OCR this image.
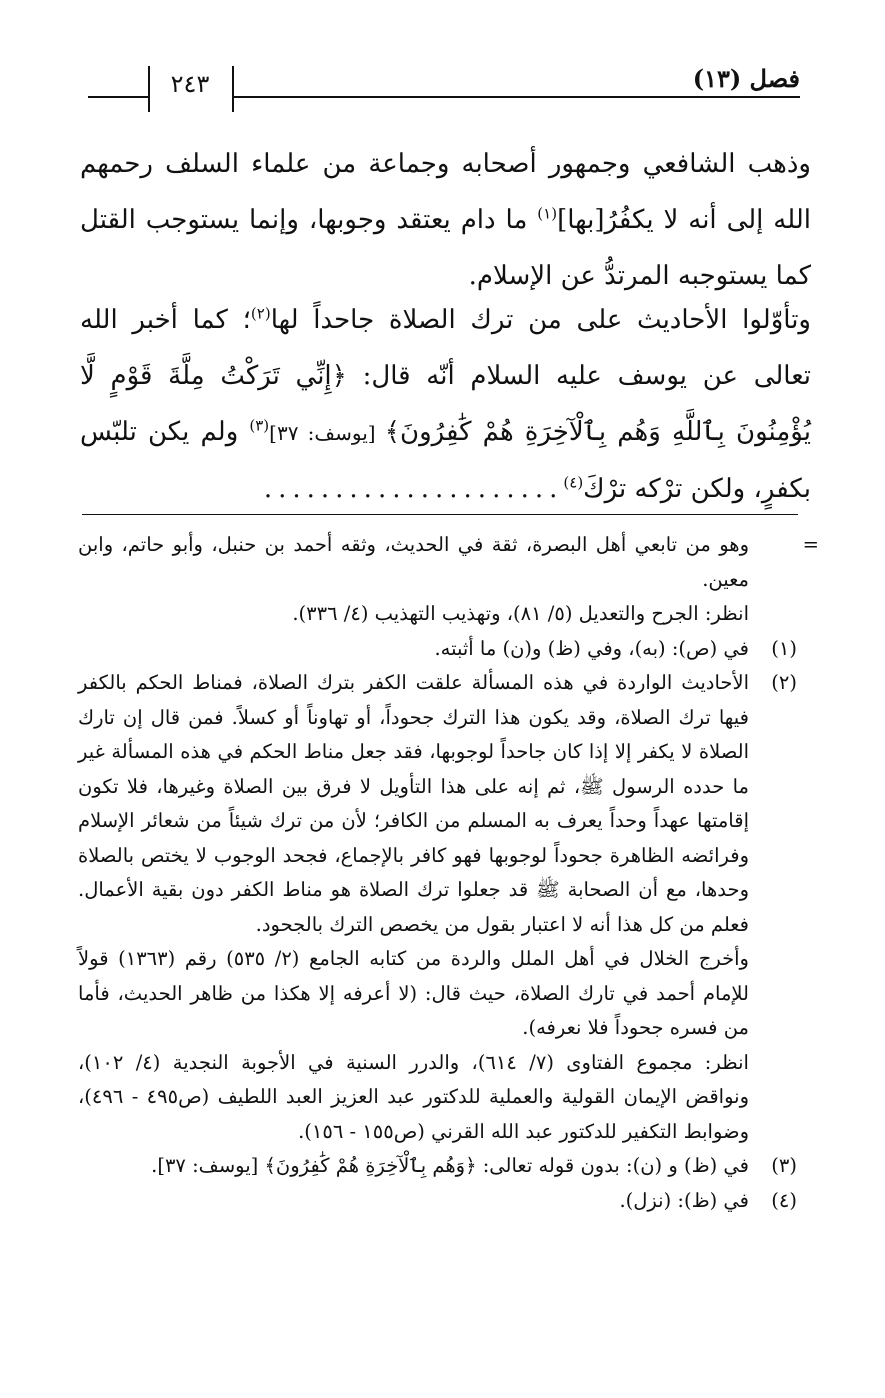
فصل (١٣)
٢٤٣

وذهب الشافعي وجمهور أصحابه وجماعة من علماء السلف رحمهم الله إلى أنه لا يكفُرُ[بها]$^{(١)}$ ما دام يعتقد وجوبها، وإنما يستوجب القتل كما يستوجبه المرتدُّ عن الإسلام.

وتأوّلوا الأحاديث على من ترك الصلاة جاحداً لها$^{(٢)}$؛ كما أخبر الله تعالى عن يوسف عليه السلام أنّه قال: ﴿إِنِّي تَرَكْتُ مِلَّةَ قَوْمٍ لَّا يُؤْمِنُونَ بِٱللَّهِ وَهُم بِٱلْآخِرَةِ هُمْ كَٰفِرُونَ﴾ [يوسف: ٣٧]$^{(٣)}$ ولم يكن تلبّس بكفرٍ، ولكن ترْكه ترْكَ$^{(٤)}$.....................

=
وهو من تابعي أهل البصرة، ثقة في الحديث، وثقه أحمد بن حنبل، وأبو حاتم، وابن معين.
انظر: الجرح والتعديل (٥/ ٨١)، وتهذيب التهذيب (٤/ ٣٣٦).
(١)
في (ص): (به)، وفي (ظ) و(ن) ما أثبته.
(٢)
الأحاديث الواردة في هذه المسألة علقت الكفر بترك الصلاة، فمناط الحكم بالكفر فيها ترك الصلاة، وقد يكون هذا الترك جحوداً، أو تهاوناً أو كسلاً. فمن قال إن تارك الصلاة لا يكفر إلا إذا كان جاحداً لوجوبها، فقد جعل مناط الحكم في هذه المسألة غير ما حدده الرسول ﷺ، ثم إنه على هذا التأويل لا فرق بين الصلاة وغيرها، فلا تكون إقامتها عهداً وحداً يعرف به المسلم من الكافر؛ لأن من ترك شيئاً من شعائر الإسلام وفرائضه الظاهرة جحوداً لوجوبها فهو كافر بالإجماع، فجحد الوجوب لا يختص بالصلاة وحدها، مع أن الصحابة ﷺ قد جعلوا ترك الصلاة هو مناط الكفر دون بقية الأعمال. فعلم من كل هذا أنه لا اعتبار بقول من يخصص الترك بالجحود.
وأخرج الخلال في أهل الملل والردة من كتابه الجامع (٢/ ٥٣٥) رقم (١٣٦٣) قولاً للإمام أحمد في تارك الصلاة، حيث قال: (لا أعرفه إلا هكذا من ظاهر الحديث، فأما من فسره جحوداً فلا نعرفه).
انظر: مجموع الفتاوى (٧/ ٦١٤)، والدرر السنية في الأجوبة النجدية (٤/ ١٠٢)، ونواقض الإيمان القولية والعملية للدكتور عبد العزيز العبد اللطيف (ص٤٩٥ - ٤٩٦)، وضوابط التكفير للدكتور عبد الله القرني (ص١٥٥ - ١٥٦).
(٣)
في (ظ) و (ن): بدون قوله تعالى: ﴿وَهُم بِٱلْآخِرَةِ هُمْ كَٰفِرُونَ﴾ [يوسف: ٣٧].
(٤)
في (ظ): (نزل).
